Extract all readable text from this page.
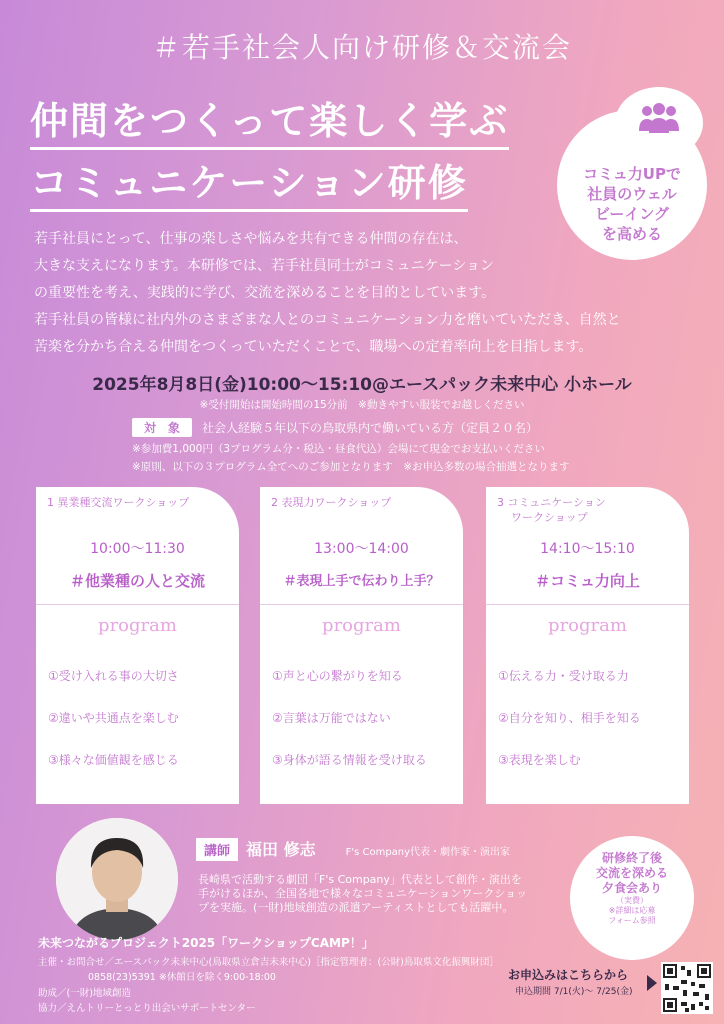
＃若手社会人向け研修＆交流会
仲間をつくって楽しく学ぶ
コミュニケーション研修	コミュ力UPで
社員のウェル
ビーイング
を高める

若手社員にとって、仕事の楽しさや悩みを共有できる仲間の存在は、

大きな支えになります。本研修では、若手社員同士がコミュニケーション

の重要性を考え、実践的に学び、交流を深めることを目的としています。

若手社員の皆様に社内外のさまざまな人とのコミュニケーション力を磨いていただき、自然と

苦楽を分かち合える仲間をつくっていただくことで、職場への定着率向上を目指します。

2025年8月8日(金)10:00〜15:10@エースパック未来中心 小ホール
※受付開始は開始時間の15分前　※動きやすい服装でお越しください
対　象 社会人経験５年以下の鳥取県内で働いている方（定員２０名）
※参加費1,000円（3プログラム分・税込・昼食代込）会場にて現金でお支払いください
※原則、以下の３プログラム全てへのご参加となります　※お申込多数の場合抽選となります
1 異業種交流ワークショップ
10:00〜11:30
＃他業種の人と交流
program
①受け入れる事の大切さ
②違いや共通点を楽しむ
③様々な価値観を感じる
2 表現力ワークショップ
13:00〜14:00
＃表現上手で伝わり上手？
program
①声と心の繋がりを知る
②言葉は万能ではない
③身体が語る情報を受け取る
3 コミュニケーション
ワークショップ
14:10〜15:10
＃コミュ力向上
program
①伝える力・受け取る力
②自分を知り、相手を知る
③表現を楽しむ
講師 福田 修志	F's Company代表・劇作家・演出家
長崎県で活動する劇団「F's Company」代表として創作・演出を手がけるほか、全国各地で様々なコミュニケーションワークショップを実施。(一財)地域創造の派遣アーティストとしても活躍中。
研修終了後
交流を深める
夕食会あり
（実費）
※詳細は応募
フォーム参照
未来つながるプロジェクト2025「ワークショップCAMP！」
主催・お問合せ／エースパック未来中心(鳥取県立倉吉未来中心)［指定管理者：(公財)鳥取県文化振興財団］
0858(23)5391 ※休館日を除く9:00-18:00
助成／(一財)地域創造
協力／えんトリーとっとり出会いサポートセンター
お申込みはこちらから
申込期間 7/1(火)〜 7/25(金)
